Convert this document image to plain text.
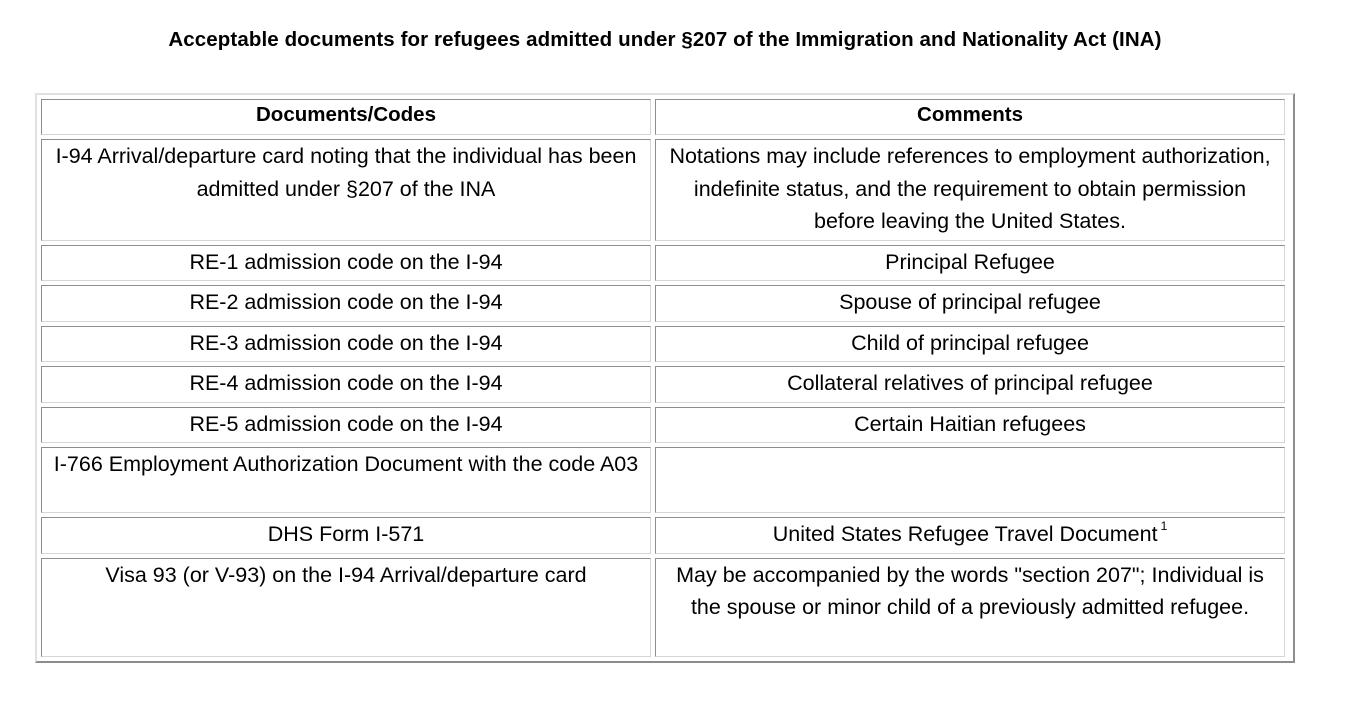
Acceptable documents for refugees admitted under §207 of the Immigration and Nationality Act (INA)
Documents/Codes	Comments
I-94 Arrival/departure card noting that the individual has been admitted under §207 of the INA	Notations may include references to employment authorization, indefinite status, and the requirement to obtain permission before leaving the United States.
RE-1 admission code on the I-94	Principal Refugee
RE-2 admission code on the I-94	Spouse of principal refugee
RE-3 admission code on the I-94	Child of principal refugee
RE-4 admission code on the I-94	Collateral relatives of principal refugee
RE-5 admission code on the I-94	Certain Haitian refugees
I-766 Employment Authorization Document with the code A03	
DHS Form I-571	United States Refugee Travel Document $^1$
Visa 93 (or V-93) on the I-94 Arrival/departure card	May be accompanied by the words "section 207"; Individual is the spouse or minor child of a previously admitted refugee.
